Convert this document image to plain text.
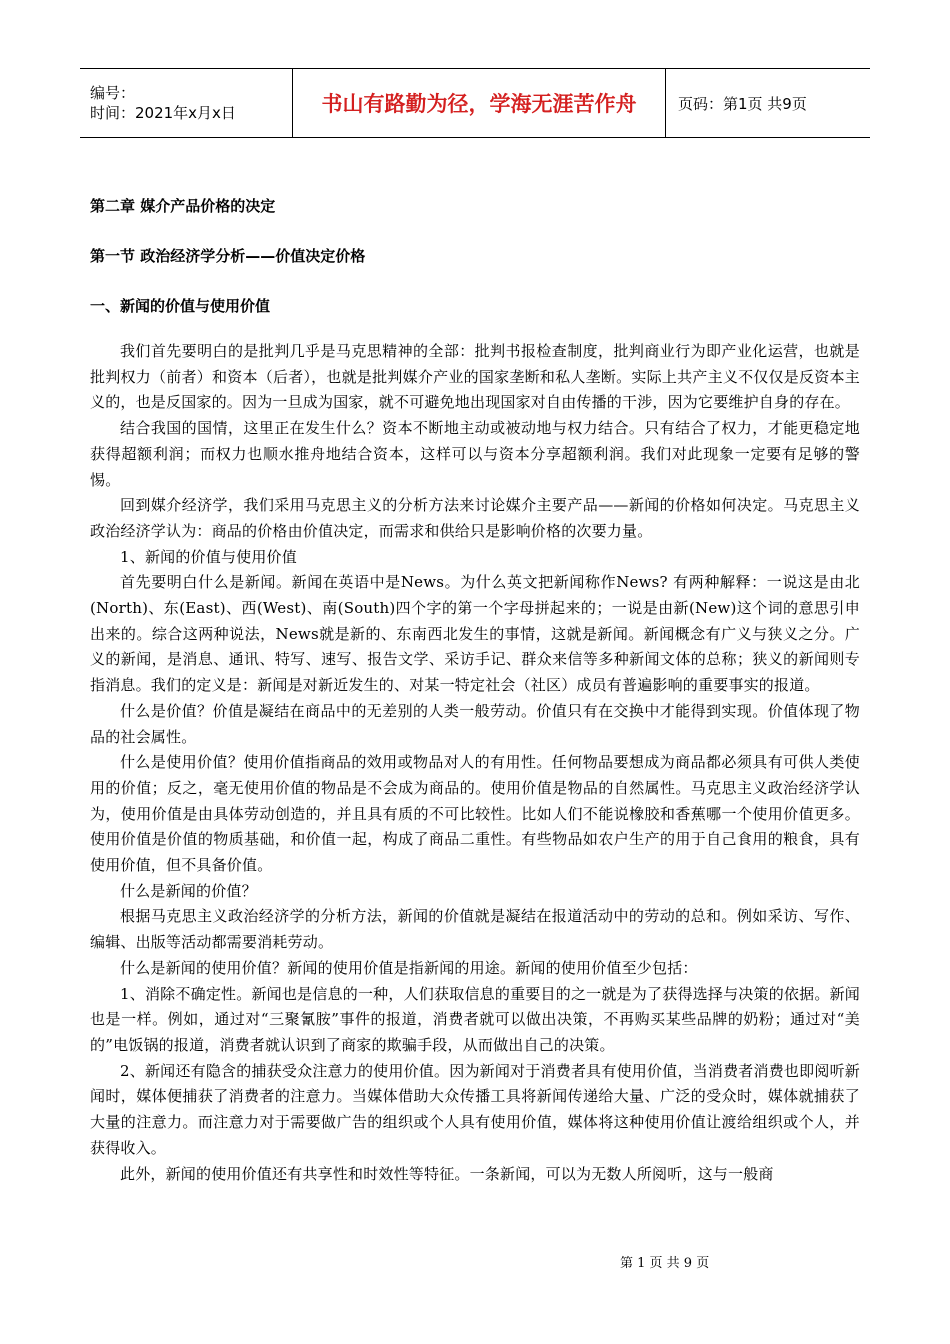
编号：
时间：2021年x月x日	书山有路勤为径，学海无涯苦作舟	页码：第1页 共9页
第二章 媒介产品价格的决定
第一节 政治经济学分析——价值决定价格
一、新闻的价值与使用价值

我们首先要明白的是批判几乎是马克思精神的全部：批判书报检查制度，批判商业行为即产业化运营，也就是批判权力（前者）和资本（后者），也就是批判媒介产业的国家垄断和私人垄断。实际上共产主义不仅仅是反资本主义的，也是反国家的。因为一旦成为国家，就不可避免地出现国家对自由传播的干涉，因为它要维护自身的存在。

结合我国的国情，这里正在发生什么？资本不断地主动或被动地与权力结合。只有结合了权力，才能更稳定地获得超额利润；而权力也顺水推舟地结合资本，这样可以与资本分享超额利润。我们对此现象一定要有足够的警惕。

回到媒介经济学，我们采用马克思主义的分析方法来讨论媒介主要产品——新闻的价格如何决定。马克思主义政治经济学认为：商品的价格由价值决定，而需求和供给只是影响价格的次要力量。

1、新闻的价值与使用价值

首先要明白什么是新闻。新闻在英语中是News。为什么英文把新闻称作News? 有两种解释：一说这是由北(North)、东(East)、西(West)、南(South)四个字的第一个字母拼起来的；一说是由新(New)这个词的意思引申出来的。综合这两种说法，News就是新的、东南西北发生的事情，这就是新闻。新闻概念有广义与狭义之分。广义的新闻，是消息、通讯、特写、速写、报告文学、采访手记、群众来信等多种新闻文体的总称；狭义的新闻则专指消息。我们的定义是：新闻是对新近发生的、对某一特定社会（社区）成员有普遍影响的重要事实的报道。

什么是价值？价值是凝结在商品中的无差别的人类一般劳动。价值只有在交换中才能得到实现。价值体现了物品的社会属性。

什么是使用价值？使用价值指商品的效用或物品对人的有用性。任何物品要想成为商品都必须具有可供人类使用的价值；反之，毫无使用价值的物品是不会成为商品的。使用价值是物品的自然属性。马克思主义政治经济学认为，使用价值是由具体劳动创造的，并且具有质的不可比较性。比如人们不能说橡胶和香蕉哪一个使用价值更多。使用价值是价值的物质基础，和价值一起，构成了商品二重性。有些物品如农户生产的用于自己食用的粮食，具有使用价值，但不具备价值。

什么是新闻的价值？

根据马克思主义政治经济学的分析方法，新闻的价值就是凝结在报道活动中的劳动的总和。例如采访、写作、编辑、出版等活动都需要消耗劳动。

什么是新闻的使用价值？新闻的使用价值是指新闻的用途。新闻的使用价值至少包括：

1、消除不确定性。新闻也是信息的一种，人们获取信息的重要目的之一就是为了获得选择与决策的依据。新闻也是一样。例如，通过对“三聚氰胺”事件的报道，消费者就可以做出决策，不再购买某些品牌的奶粉；通过对“美的”电饭锅的报道，消费者就认识到了商家的欺骗手段，从而做出自己的决策。

2、新闻还有隐含的捕获受众注意力的使用价值。因为新闻对于消费者具有使用价值，当消费者消费也即阅听新闻时，媒体便捕获了消费者的注意力。当媒体借助大众传播工具将新闻传递给大量、广泛的受众时，媒体就捕获了大量的注意力。而注意力对于需要做广告的组织或个人具有使用价值，媒体将这种使用价值让渡给组织或个人，并获得收入。

此外，新闻的使用价值还有共享性和时效性等特征。一条新闻，可以为无数人所阅听，这与一般商

第 1 页 共 9 页
